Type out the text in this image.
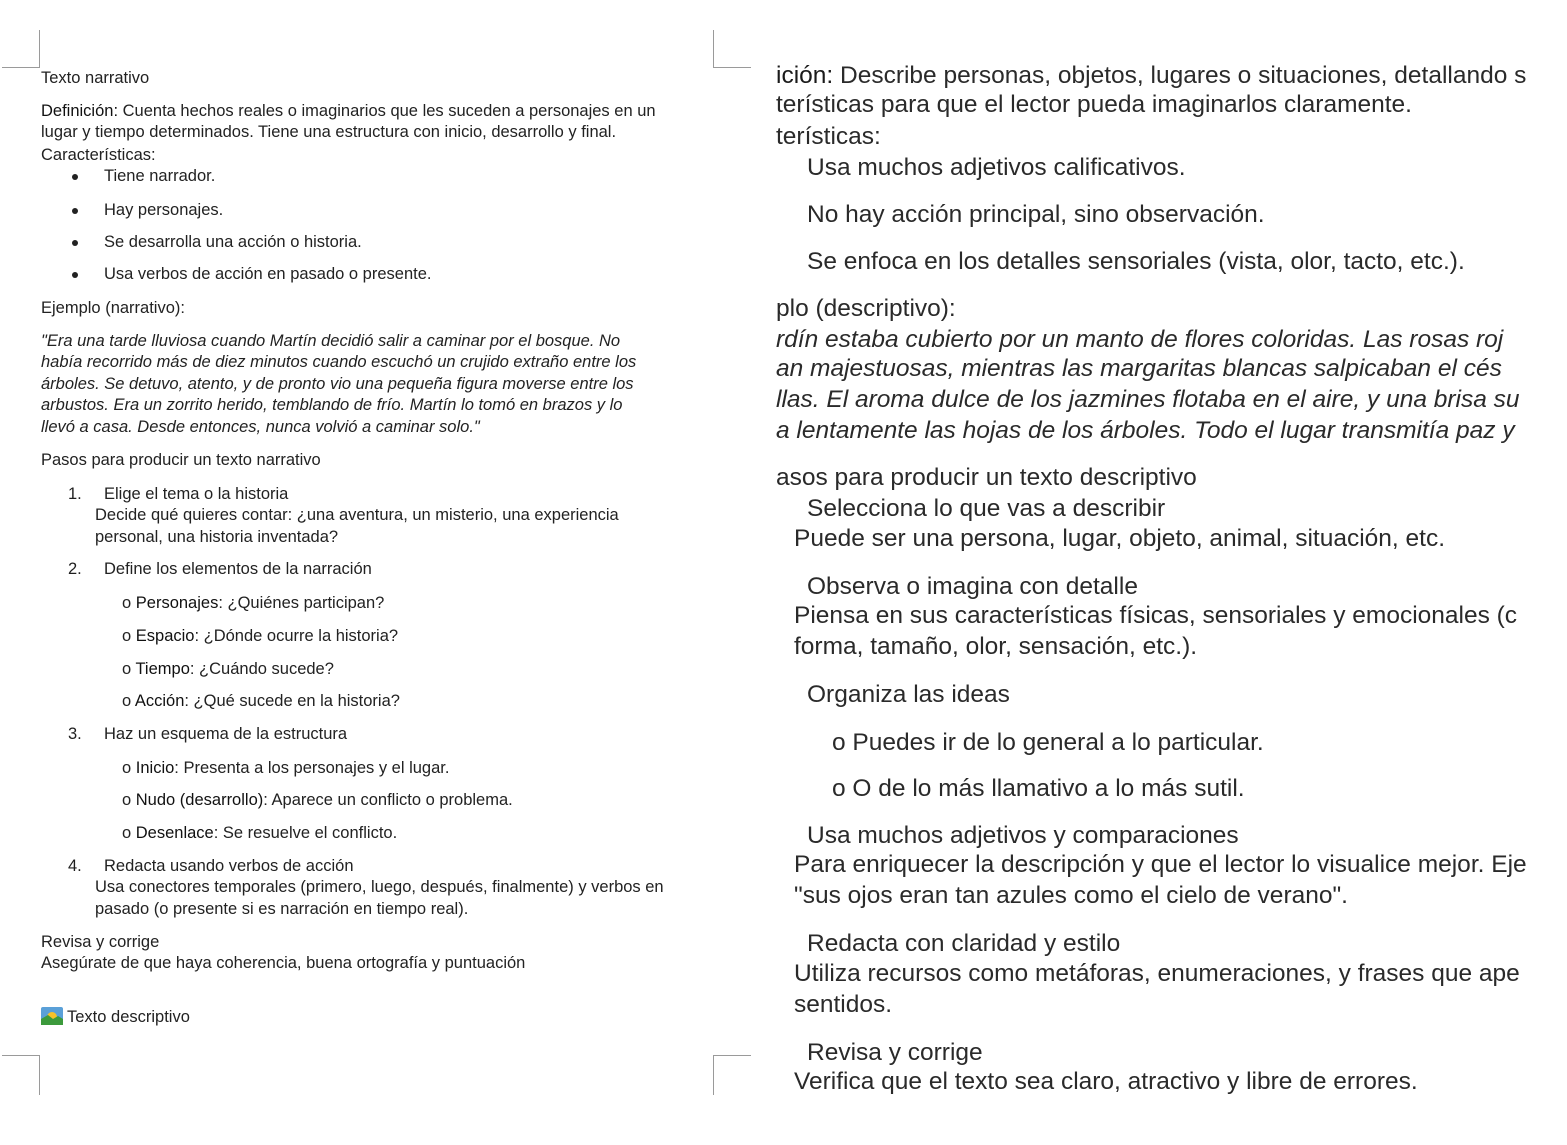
Texto narrativo
Definición: Cuenta hechos reales o imaginarios que les suceden a personajes en un
lugar y tiempo determinados. Tiene una estructura con inicio, desarrollo y final.
Características:
Tiene narrador.
Hay personajes.
Se desarrolla una acción o historia.
Usa verbos de acción en pasado o presente.
Ejemplo (narrativo):
"Era una tarde lluviosa cuando Martín decidió salir a caminar por el bosque. No
había recorrido más de diez minutos cuando escuchó un crujido extraño entre los
árboles. Se detuvo, atento, y de pronto vio una pequeña figura moverse entre los
arbustos. Era un zorrito herido, temblando de frío. Martín lo tomó en brazos y lo
llevó a casa. Desde entonces, nunca volvió a caminar solo."
Pasos para producir un texto narrativo
1. Elige el tema o la historia
Decide qué quieres contar: ¿una aventura, un misterio, una experiencia
personal, una historia inventada?
2. Define los elementos de la narración
o Personajes: ¿Quiénes participan?
o Espacio: ¿Dónde ocurre la historia?
o Tiempo: ¿Cuándo sucede?
o Acción: ¿Qué sucede en la historia?
3. Haz un esquema de la estructura
o Inicio: Presenta a los personajes y el lugar.
o Nudo (desarrollo): Aparece un conflicto o problema.
o Desenlace: Se resuelve el conflicto.
4. Redacta usando verbos de acción
Usa conectores temporales (primero, luego, después, finalmente) y verbos en
pasado (o presente si es narración en tiempo real).
Revisa y corrige
Asegúrate de que haya coherencia, buena ortografía y puntuación
Texto descriptivo
ición: Describe personas, objetos, lugares o situaciones, detallando s
terísticas para que el lector pueda imaginarlos claramente.
terísticas:
Usa muchos adjetivos calificativos.
No hay acción principal, sino observación.
Se enfoca en los detalles sensoriales (vista, olor, tacto, etc.).
plo (descriptivo):
rdín estaba cubierto por un manto de flores coloridas. Las rosas roj
an majestuosas, mientras las margaritas blancas salpicaban el cés
llas. El aroma dulce de los jazmines flotaba en el aire, y una brisa su
a lentamente las hojas de los árboles. Todo el lugar transmitía paz y
asos para producir un texto descriptivo
Selecciona lo que vas a describir
Puede ser una persona, lugar, objeto, animal, situación, etc.
Observa o imagina con detalle
Piensa en sus características físicas, sensoriales y emocionales (c
forma, tamaño, olor, sensación, etc.).
Organiza las ideas
o Puedes ir de lo general a lo particular.
o O de lo más llamativo a lo más sutil.
Usa muchos adjetivos y comparaciones
Para enriquecer la descripción y que el lector lo visualice mejor. Eje
"sus ojos eran tan azules como el cielo de verano".
Redacta con claridad y estilo
Utiliza recursos como metáforas, enumeraciones, y frases que ape
sentidos.
Revisa y corrige
Verifica que el texto sea claro, atractivo y libre de errores.
